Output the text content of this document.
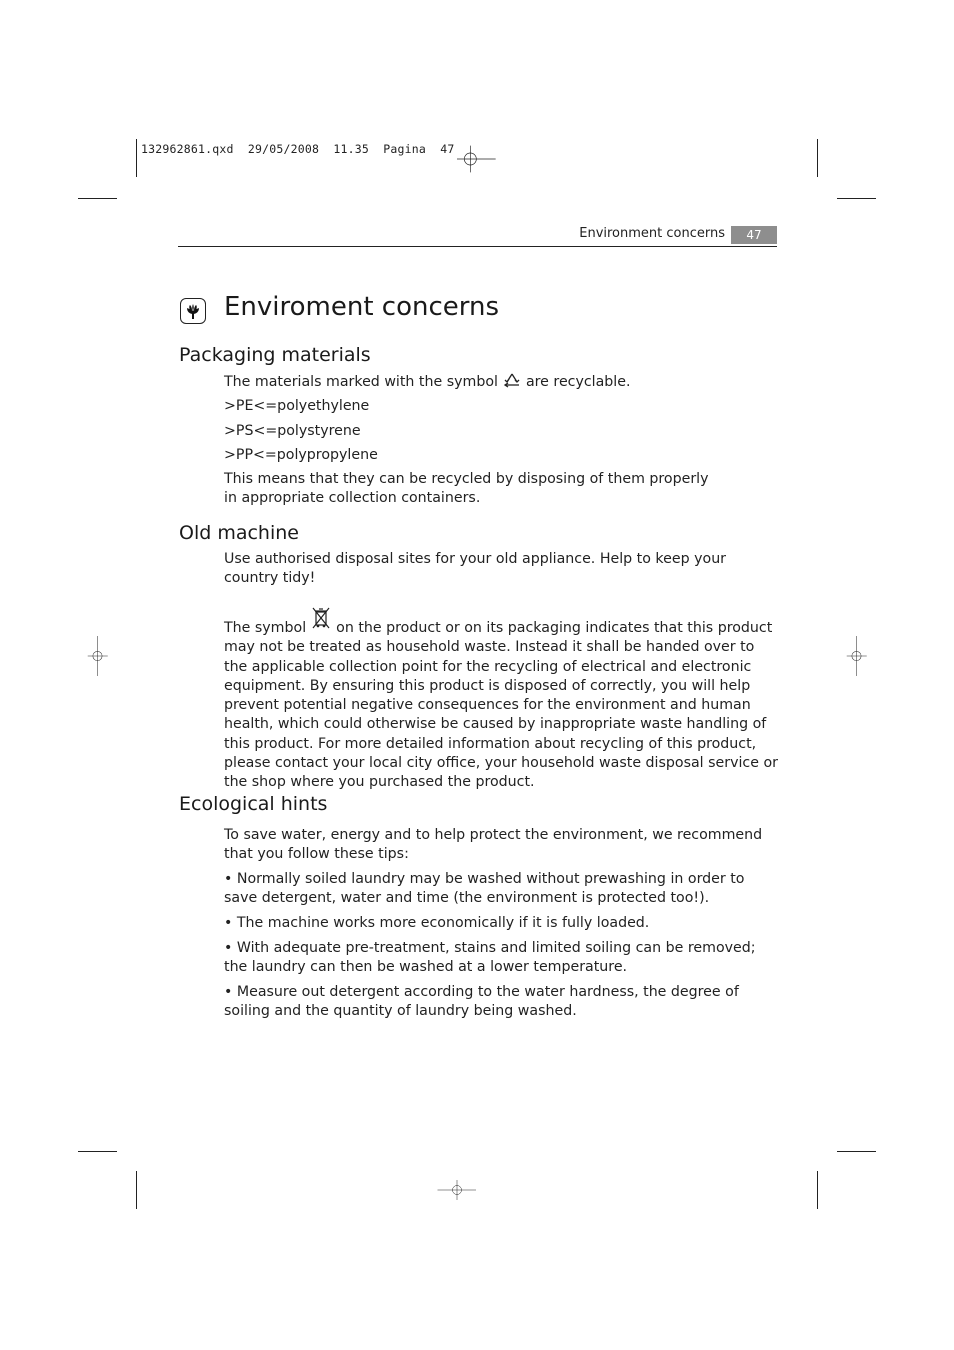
132962861.qxd 29/05/2008 11.35 Pagina 47
Environment concerns	47
Enviroment concerns
Packaging materials

The materials marked with the symbol are recyclable.

>PE<=polyethylene

>PS<=polystyrene

>PP<=polypropylene

This means that they can be recycled by disposing of them properly in appropriate collection containers.

Old machine

Use authorised disposal sites for your old appliance. Help to keep your country tidy!

The symbol on the product or on its packaging indicates that this product may not be treated as household waste. Instead it shall be handed over to the applicable collection point for the recycling of electrical and electronic equipment. By ensuring this product is disposed of correctly, you will help prevent potential negative consequences for the environment and human health, which could otherwise be caused by inappropriate waste handling of this product. For more detailed information about recycling of this product, please contact your local city office, your household waste disposal service or the shop where you purchased the product.

Ecological hints

To save water, energy and to help protect the environment, we recommend that you follow these tips:

• Normally soiled laundry may be washed without prewashing in order to save detergent, water and time (the environment is protected too!).

• The machine works more economically if it is fully loaded.

• With adequate pre-treatment, stains and limited soiling can be removed; the laundry can then be washed at a lower temperature.

• Measure out detergent according to the water hardness, the degree of soiling and the quantity of laundry being washed.
